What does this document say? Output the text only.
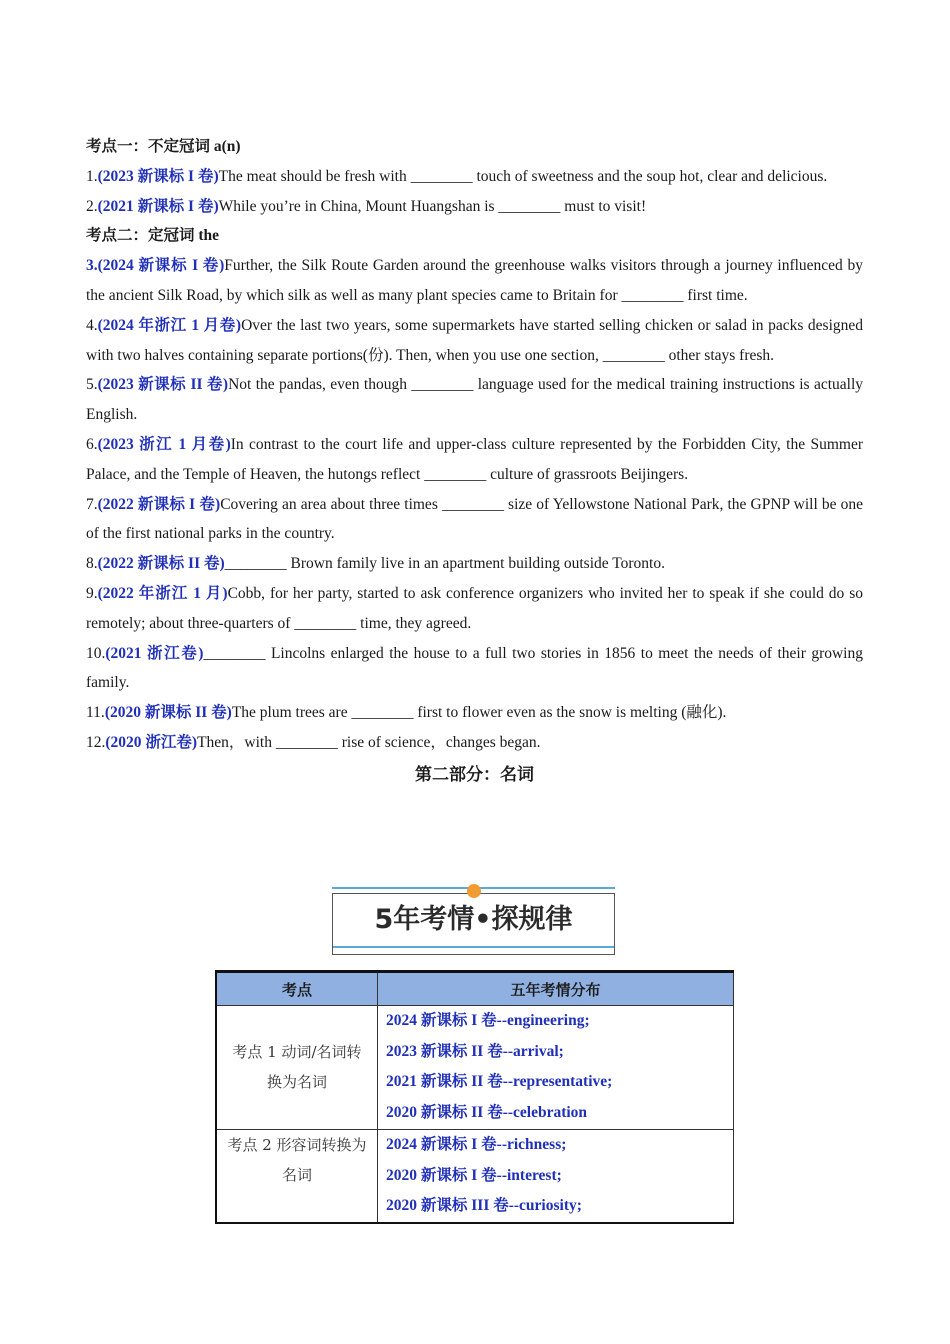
考点一：不定冠词 a(n)
1.(2023 新课标 I 卷)The meat should be fresh with ________ touch of sweetness and the soup hot, clear and delicious.
2.(2021 新课标 I 卷)While you’re in China, Mount Huangshan is ________ must to visit!
考点二：定冠词 the
3.(2024 新课标 I 卷)Further, the Silk Route Garden around the greenhouse walks visitors through a journey influenced by the ancient Silk Road, by which silk as well as many plant species came to Britain for ________ first time.
4.(2024 年浙江 1 月卷)Over the last two years, some supermarkets have started selling chicken or salad in packs designed with two halves containing separate portions(份). Then, when you use one section, ________ other stays fresh.
5.(2023 新课标 II 卷)Not the pandas, even though ________ language used for the medical training instructions is actually English.
6.(2023 浙江 1 月卷)In contrast to the court life and upper-class culture represented by the Forbidden City, the Summer Palace, and the Temple of Heaven, the hutongs reflect ________ culture of grassroots Beijingers.
7.(2022 新课标 I 卷)Covering an area about three times ________ size of Yellowstone National Park, the GPNP will be one of the first national parks in the country.
8.(2022 新课标 II 卷)________ Brown family live in an apartment building outside Toronto.
9.(2022 年浙江 1 月)Cobb, for her party, started to ask conference organizers who invited her to speak if she could do so remotely; about three-quarters of ________ time, they agreed.
10.(2021 浙江卷)________ Lincolns enlarged the house to a full two stories in 1856 to meet the needs of their growing family.
11.(2020 新课标 II 卷)The plum trees are ________ first to flower even as the snow is melting (融化).
12.(2020 浙江卷)Then，with ________ rise of science，changes began.
第二部分：名词
5年考情•探规律
考点	五年考情分布
考点 1 动词/名词转换为名词	2024 新课标 I 卷--engineering;
2023 新课标 II 卷--arrival;
2021 新课标 II 卷--representative;
2020 新课标 II 卷--celebration

考点 2 形容词转换为名词	2024 新课标 I 卷--richness;
2020 新课标 I 卷--interest;
2020 新课标 III 卷--curiosity;
